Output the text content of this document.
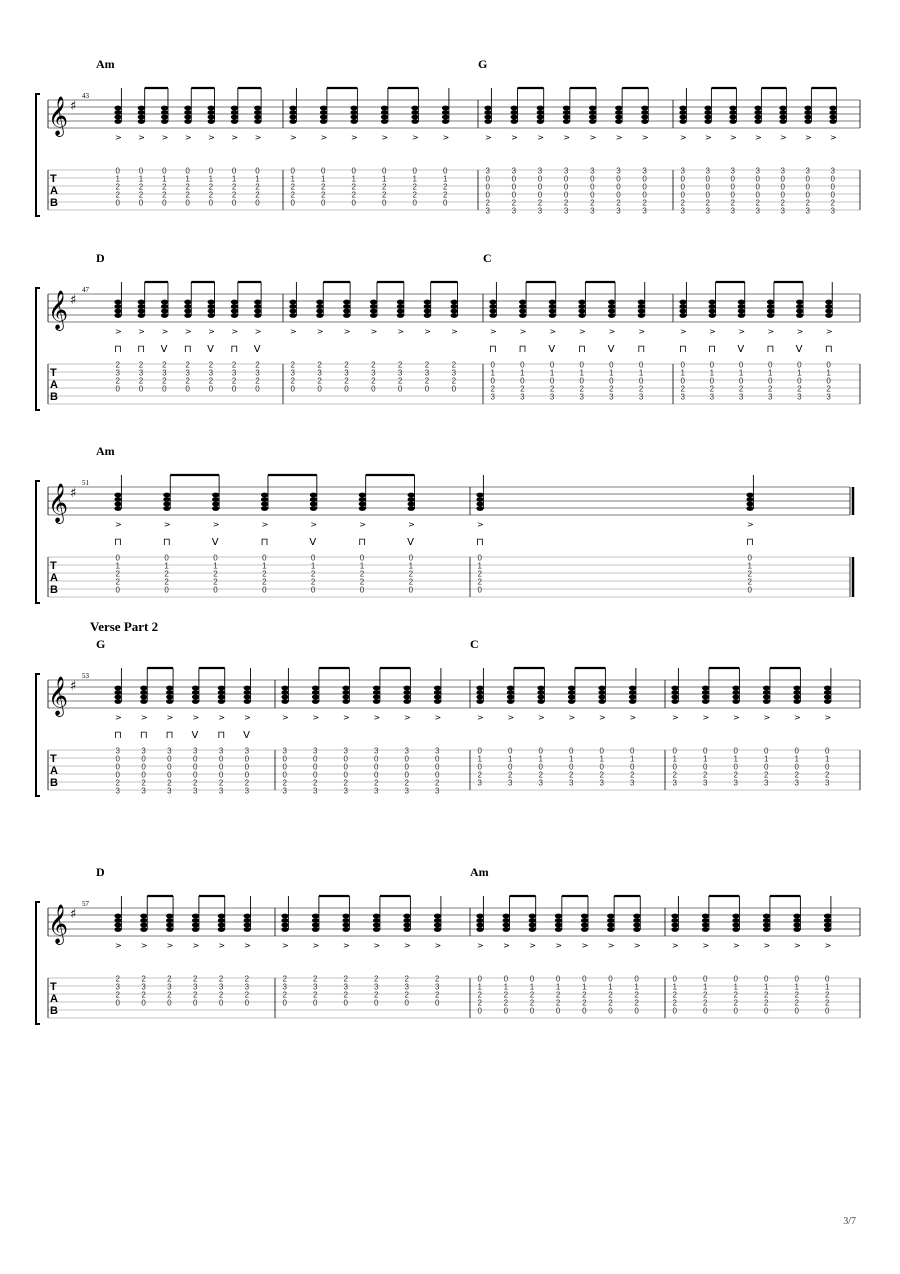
𝄞 ♯
43
T
A
B
Am
>
0
1
2
2
0
>
0
1
2
2
0
>
0
1
2
2
0
>
0
1
2
2
0
>
0
1
2
2
0
>
0
1
2
2
0
>
0
1
2
2
0
>
0
1
2
2
0
>
0
1
2
2
0
>
0
1
2
2
0
>
0
1
2
2
0
>
0
1
2
2
0
>
0
1
2
2
0
G
>
3
0
0
0
2
3
>
3
0
0
0
2
3
>
3
0
0
0
2
3
>
3
0
0
0
2
3
>
3
0
0
0
2
3
>
3
0
0
0
2
3
>
3
0
0
0
2
3
>
3
0
0
0
2
3
>
3
0
0
0
2
3
>
3
0
0
0
2
3
>
3
0
0
0
2
3
>
3
0
0
0
2
3
>
3
0
0
0
2
3
>
3
0
0
0
2
3
𝄞 ♯
47
T
A
B
D
>
2
3
2
0
⊓
>
2
3
2
0
⊓
>
2
3
2
0
V
>
2
3
2
0
⊓
>
2
3
2
0
V
>
2
3
2
0
⊓
>
2
3
2
0
V
>
2
3
2
0
>
2
3
2
0
>
2
3
2
0
>
2
3
2
0
>
2
3
2
0
>
2
3
2
0
>
2
3
2
0
C
>
0
1
0
2
3
⊓
>
0
1
0
2
3
⊓
>
0
1
0
2
3
V
>
0
1
0
2
3
⊓
>
0
1
0
2
3
V
>
0
1
0
2
3
⊓
>
0
1
0
2
3
⊓
>
0
1
0
2
3
⊓
>
0
1
0
2
3
V
>
0
1
0
2
3
⊓
>
0
1
0
2
3
V
>
0
1
0
2
3
⊓
𝄞 ♯
51
T
A
B
Am
>
0
1
2
2
0
⊓
>
0
1
2
2
0
⊓
>
0
1
2
2
0
V
>
0
1
2
2
0
⊓
>
0
1
2
2
0
V
>
0
1
2
2
0
⊓
>
0
1
2
2
0
V
>
0
1
2
2
0
⊓
>
0
1
2
2
0
⊓
Verse Part 2
𝄞 ♯
53
T
A
B
G
>
3
0
0
0
2
3
⊓
>
3
0
0
0
2
3
⊓
>
3
0
0
0
2
3
⊓
>
3
0
0
0
2
3
V
>
3
0
0
0
2
3
⊓
>
3
0
0
0
2
3
V
>
3
0
0
0
2
3
>
3
0
0
0
2
3
>
3
0
0
0
2
3
>
3
0
0
0
2
3
>
3
0
0
0
2
3
>
3
0
0
0
2
3
C
>
0
1
0
2
3
>
0
1
0
2
3
>
0
1
0
2
3
>
0
1
0
2
3
>
0
1
0
2
3
>
0
1
0
2
3
>
0
1
0
2
3
>
0
1
0
2
3
>
0
1
0
2
3
>
0
1
0
2
3
>
0
1
0
2
3
>
0
1
0
2
3
𝄞 ♯
57
T
A
B
D
>
2
3
2
0
>
2
3
2
0
>
2
3
2
0
>
2
3
2
0
>
2
3
2
0
>
2
3
2
0
>
2
3
2
0
>
2
3
2
0
>
2
3
2
0
>
2
3
2
0
>
2
3
2
0
>
2
3
2
0
Am
>
0
1
2
2
0
>
0
1
2
2
0
>
0
1
2
2
0
>
0
1
2
2
0
>
0
1
2
2
0
>
0
1
2
2
0
>
0
1
2
2
0
>
0
1
2
2
0
>
0
1
2
2
0
>
0
1
2
2
0
>
0
1
2
2
0
>
0
1
2
2
0
>
0
1
2
2
0
3/7
